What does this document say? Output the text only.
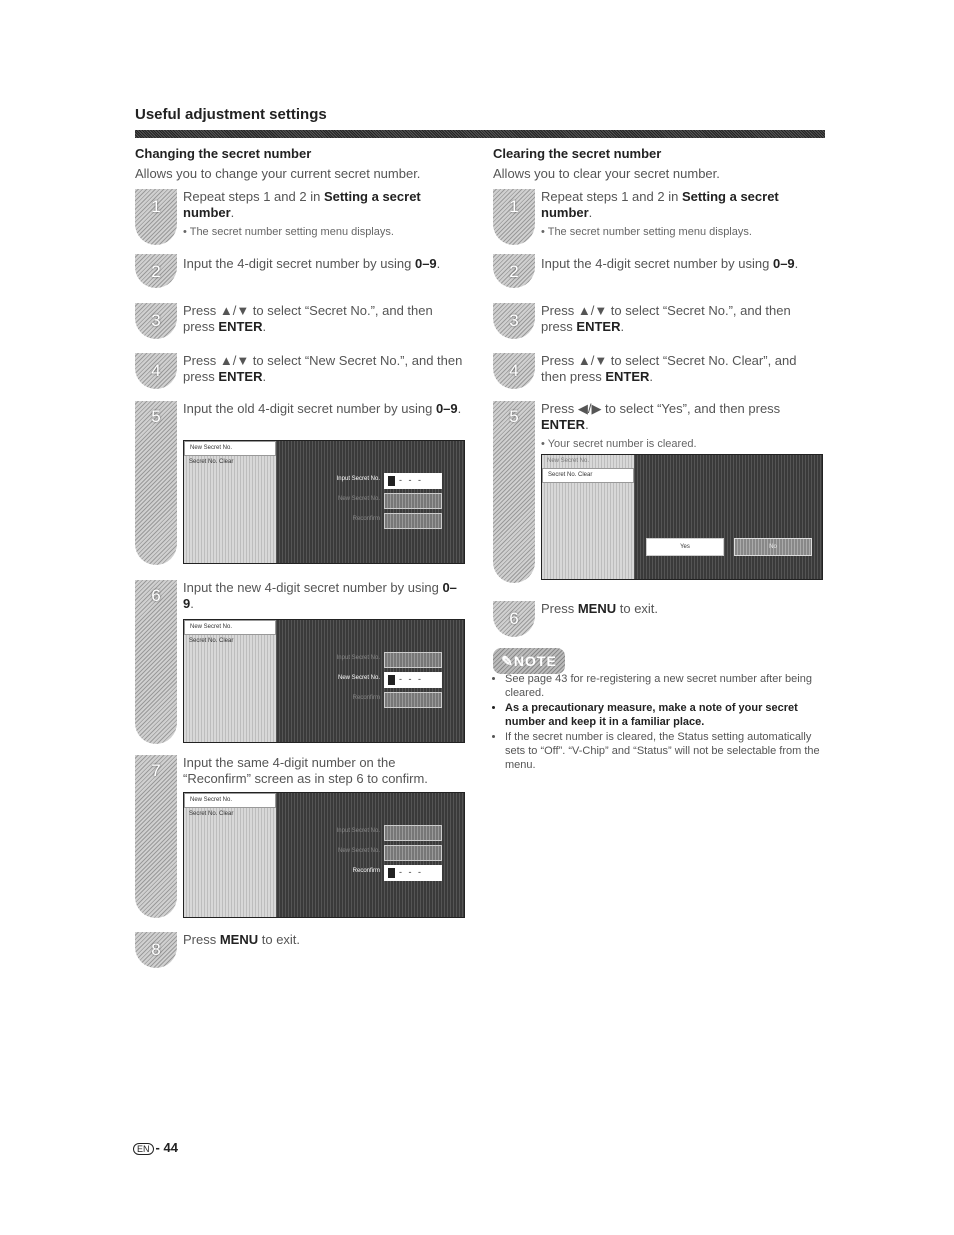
Useful adjustment settings
Changing the secret number
Allows you to change your current secret number.
1
Repeat steps 1 and 2 in Setting a secret number.
• The secret number setting menu displays.
2	Input the 4-digit secret number by using 0–9.
3
Press ▲/▼ to select “Secret No.”, and then press ENTER.
4
Press ▲/▼ to select “New Secret No.”, and then press ENTER.
5	Input the old 4-digit secret number by using 0–9.
New Secret No.
Secret No. Clear
Input Secret No. - - -
New Secret No.
Reconfirm
6	Input the new 4-digit secret number by using 0–9.
New Secret No.
Secret No. Clear
Input Secret No.
New Secret No. - - -
Reconfirm
7	Input the same 4-digit number on the “Reconfirm” screen as in step 6 to confirm.
New Secret No.
Secret No. Clear
Input Secret No.
New Secret No.
Reconfirm - - -
8
Press MENU to exit.
Clearing the secret number
Allows you to clear your secret number.
1
Repeat steps 1 and 2 in Setting a secret number.
• The secret number setting menu displays.
2	Input the 4-digit secret number by using 0–9.
3
Press ▲/▼ to select “Secret No.”, and then press ENTER.
4
Press ▲/▼ to select “Secret No. Clear”, and then press ENTER.
5	Press ◀/▶ to select “Yes”, and then press ENTER.
• Your secret number is cleared.
New Secret No.
Secret No. Clear
Yes	No
6
Press MENU to exit.
✎NOTE
• See page 43 for re-registering a new secret number after being cleared.
• As a precautionary measure, make a note of your secret number and keep it in a familiar place.
• If the secret number is cleared, the Status setting automatically sets to “Off”. “V-Chip” and “Status” will not be selectable from the menu.
EN - 44
